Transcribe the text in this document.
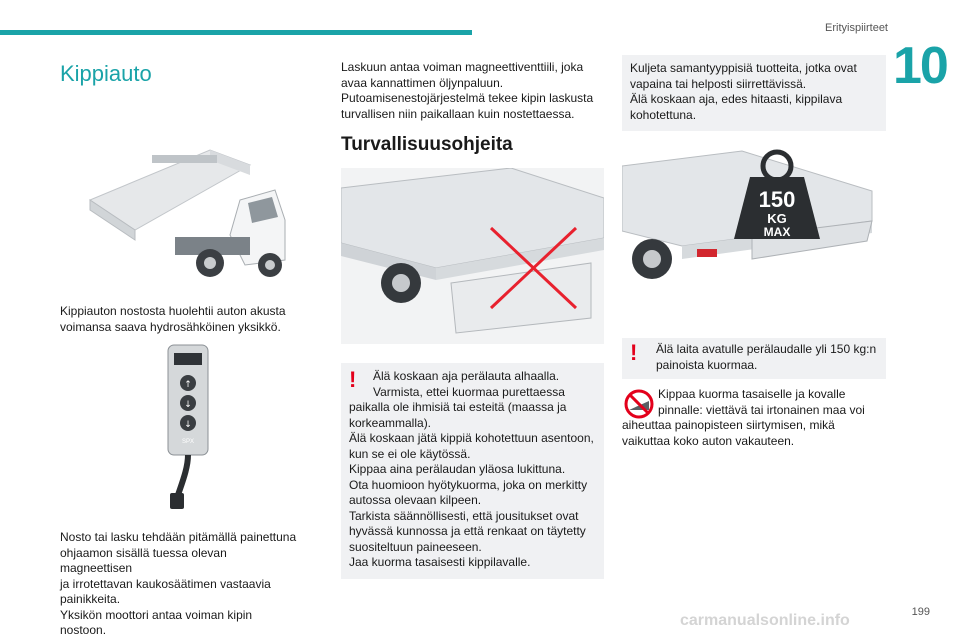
Erityispiirteet
10
Kippiauto

Kippiauton nostosta huolehtii auton akusta
voimansa saava hydrosähköinen yksikkö.

↑
↓
↓
SPX

Nosto tai lasku tehdään pitämällä painettuna
ohjaamon sisällä tuessa olevan magneettisen
ja irrotettavan kaukosäätimen vastaavia
painikkeita.
Yksikön moottori antaa voiman kipin nostoon.

Laskuun antaa voiman magneettiventtiili, joka
avaa kannattimen öljynpaluun.
Putoamisenestojärjestelmä tekee kipin laskusta
turvallisen niin paikallaan kuin nostettaessa.

Turvallisuusohjeita
!	Älä koskaan aja perälauta alhaalla.

Varmista, ettei kuormaa purettaessa
paikalla ole ihmisiä tai esteitä (maassa ja
korkeammalla).
Älä koskaan jätä kippiä kohotettuun asentoon,
kun se ei ole käytössä.
Kippaa aina perälaudan yläosa lukittuna.
Ota huomioon hyötykuorma, joka on merkitty
autossa olevaan kilpeen.
Tarkista säännöllisesti, että jousitukset ovat
hyvässä kunnossa ja että renkaat on täytetty
suositeltuun paineeseen.
Jaa kuorma tasaisesti kippilavalle.

Kuljeta samantyyppisiä tuotteita, jotka ovat
vapaina tai helposti siirrettävissä.
Älä koskaan aja, edes hitaasti, kippilava
kohotettuna.

150
KG
MAX
!	Älä laita avatulle perälaudalle yli 150 kg:n
painoista kuormaa.

Kippaa kuorma tasaiselle ja kovalle
pinnalle: viettävä tai irtonainen maa voi

aiheuttaa painopisteen siirtymisen, mikä
vaikuttaa koko auton vakauteen.

carmanualsonline.info	199
